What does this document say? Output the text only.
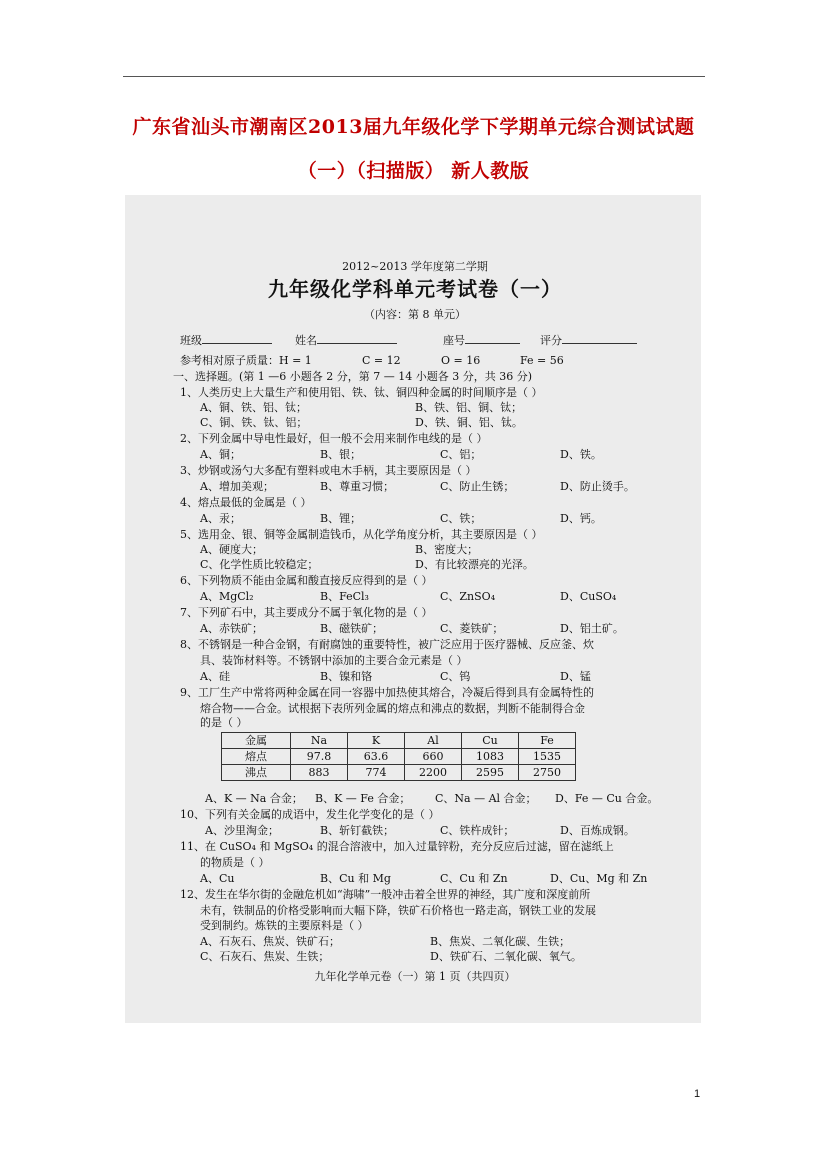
广东省汕头市潮南区2013届九年级化学下学期单元综合测试试题
（一）（扫描版） 新人教版
2012~2013 学年度第二学期
九年级化学科单元考试卷（一）
（内容：第 8 单元）
班级	姓名	座号	评分
参考相对原子质量：H = 1	C = 12	O = 16	Fe = 56
一、选择题。(第 1 —6 小题各 2 分，第 7 — 14 小题各 3 分，共 36 分)
1、人类历史上大量生产和使用铝、铁、钛、铜四种金属的时间顺序是（ ）
A、铜、铁、铝、钛；	B、铁、铝、铜、钛；
C、铜、铁、钛、铝；	D、铁、铜、铝、钛。
2、下列金属中导电性最好，但一般不会用来制作电线的是（ ）
A、铜；	B、银；	C、铝；	D、铁。
3、炒钢或汤勺大多配有塑料或电木手柄，其主要原因是（ ）
A、增加美观；	B、尊重习惯；	C、防止生锈；	D、防止烫手。
4、熔点最低的金属是（ ）
A、汞；	B、锂；	C、铁；	D、钙。
5、选用金、银、铜等金属制造钱币，从化学角度分析，其主要原因是（ ）
A、硬度大；	B、密度大；
C、化学性质比较稳定；	D、有比较漂亮的光泽。
6、下列物质不能由金属和酸直接反应得到的是（ ）
A、MgCl₂	B、FeCl₃	C、ZnSO₄	D、CuSO₄
7、下列矿石中，其主要成分不属于氧化物的是（ ）
A、赤铁矿；	B、磁铁矿；	C、菱铁矿；	D、铝土矿。
8、不锈钢是一种合金钢，有耐腐蚀的重要特性，被广泛应用于医疗器械、反应釜、炊
具、装饰材料等。不锈钢中添加的主要合金元素是（ ）
A、硅	B、镍和铬	C、钨	D、锰
9、工厂生产中常将两种金属在同一容器中加热使其熔合，冷凝后得到具有金属特性的
熔合物——合金。试根据下表所列金属的熔点和沸点的数据，判断不能制得合金
的是（ ）
金属	Na	K	Al	Cu	Fe
熔点	97.8	63.6	660	1083	1535
沸点	883	774	2200	2595	2750
A、K — Na 合金； B、K — Fe 合金； C、Na — Al 合金； D、Fe — Cu 合金。
10、下列有关金属的成语中，发生化学变化的是（ ）
A、沙里淘金；	B、斩钉截铁；	C、铁杵成针；	D、百炼成钢。
11、在 CuSO₄ 和 MgSO₄ 的混合溶液中，加入过量锌粉，充分反应后过滤，留在滤纸上
的物质是（ ）
A、Cu	B、Cu 和 Mg	C、Cu 和 Zn	D、Cu、Mg 和 Zn
12、发生在华尔街的金融危机如“海啸”一般冲击着全世界的神经，其广度和深度前所
未有，铁制品的价格受影响而大幅下降，铁矿石价格也一路走高，钢铁工业的发展
受到制约。炼铁的主要原料是（ ）
A、石灰石、焦炭、铁矿石；	B、焦炭、二氧化碳、生铁；
C、石灰石、焦炭、生铁；	D、铁矿石、二氧化碳、氧气。
九年化学单元卷（一）第 1 页（共四页）
1
